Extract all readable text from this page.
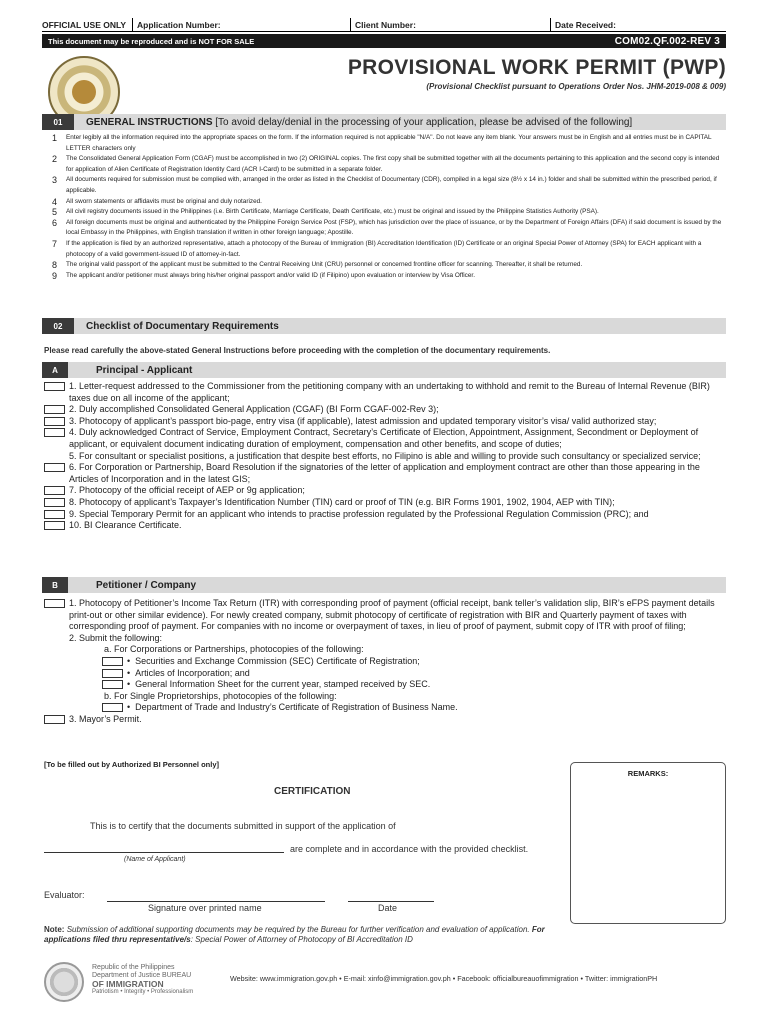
OFFICIAL USE ONLY	Application Number:	Client Number:	Date Received:
This document may be reproduced and is NOT FOR SALE	COM02.QF.002-REV 3
PROVISIONAL WORK PERMIT (PWP)
(Provisional Checklist pursuant to Operations Order Nos. JHM-2019-008 & 009)
01	GENERAL INSTRUCTIONS [To avoid delay/denial in the processing of your application, please be advised of the following]
1	Enter legibly all the information required into the appropriate spaces on the form. If the information required is not applicable "N/A". Do not leave any item blank. Your answers must be in English and all entries must be in CAPITAL LETTER characters only
2	The Consolidated General Application Form (CGAF) must be accomplished in two (2) ORIGINAL copies. The first copy shall be submitted together with all the documents pertaining to this application and the second copy is intended for application of Alien Certificate of Registration Identity Card (ACR I-Card) to be submitted in a separate folder.
3	All documents required for submission must be complied with, arranged in the order as listed in the Checklist of Documentary (CDR), compiled in a legal size (8½ x 14 in.) folder and shall be submitted within the prescribed period, if applicable.
4	All sworn statements or affidavits must be original and duly notarized.
5	All civil registry documents issued in the Philippines (i.e. Birth Certificate, Marriage Certificate, Death Certificate, etc.) must be original and issued by the Philippine Statistics Authority (PSA).
6	All foreign documents must be original and authenticated by the Philippine Foreign Service Post (FSP), which has jurisdiction over the place of issuance, or by the Department of Foreign Affairs (DFA) if said document is issued by the local Embassy in the Philippines, with English translation if written in other foreign language; Apostille.
7	If the application is filed by an authorized representative, attach a photocopy of the Bureau of Immigration (BI) Accreditation Identification (ID) Certificate or an original Special Power of Attorney (SPA) for EACH applicant with a photocopy of a valid government-issued ID of attorney-in-fact.
8	The original valid passport of the applicant must be submitted to the Central Receiving Unit (CRU) personnel or concerned frontline officer for scanning. Thereafter, it shall be returned.
9	The applicant and/or petitioner must always bring his/her original passport and/or valid ID (if Filipino) upon evaluation or interview by Visa Officer.
02	Checklist of Documentary Requirements
Please read carefully the above-stated General Instructions before proceeding with the completion of the documentary requirements.
A	Principal - Applicant
1. Letter-request addressed to the Commissioner from the petitioning company with an undertaking to withhold and remit to the Bureau of Internal Revenue (BIR) taxes due on all income of the applicant;
2. Duly accomplished Consolidated General Application (CGAF) (BI Form CGAF-002-Rev 3);
3. Photocopy of applicant’s passport bio-page, entry visa (if applicable), latest admission and updated temporary visitor’s visa/ valid authorized stay;
4. Duly acknowledged Contract of Service, Employment Contract, Secretary’s Certificate of Election, Appointment, Assignment, Secondment or Deployment of applicant, or equivalent document indicating duration of employment, compensation and other benefits, and scope of duties;
5. For consultant or specialist positions, a justification that despite best efforts, no Filipino is able and willing to provide such consultancy or specialized service;
6. For Corporation or Partnership, Board Resolution if the signatories of the letter of application and employment contract are other than those appearing in the Articles of Incorporation and in the latest GIS;
7. Photocopy of the official receipt of AEP or 9g application;
8. Photocopy of applicant’s Taxpayer’s Identification Number (TIN) card or proof of TIN (e.g. BIR Forms 1901, 1902, 1904, AEP with TIN);
9. Special Temporary Permit for an applicant who intends to practise profession regulated by the Professional Regulation Commission (PRC); and
10. BI Clearance Certificate.
B	Petitioner / Company
1. Photocopy of Petitioner’s Income Tax Return (ITR) with corresponding proof of payment (official receipt, bank teller’s validation slip, BIR’s eFPS payment details print-out or other similar evidence). For newly created company, submit photocopy of certificate of registration with BIR and Quarterly payment of taxes with corresponding proof of payment. For companies with no income or overpayment of taxes, in lieu of proof of payment, submit copy of ITR with proof of filing;
2. Submit the following:
a. For Corporations or Partnerships, photocopies of the following:
• Securities and Exchange Commission (SEC) Certificate of Registration;
• Articles of Incorporation; and
• General Information Sheet for the current year, stamped received by SEC.
b. For Single Proprietorships, photocopies of the following:
• Department of Trade and Industry’s Certificate of Registration of Business Name.
3. Mayor’s Permit.
[To be filled out by Authorized BI Personnel only]
REMARKS:
CERTIFICATION
This is to certify that the documents submitted in support of the application of
are complete and in accordance with the provided checklist.
(Name of Applicant)
Evaluator:
Signature over printed name	Date
Note: Submission of additional supporting documents may be required by the Bureau for further verification and evaluation of application. For applications filed thru representative/s: Special Power of Attorney of Photocopy of BI Accreditation ID
Republic of the Philippines
Department of Justice BUREAU
OF IMMIGRATION
Patriotism • Integrity • Professionalism
Website: www.immigration.gov.ph • E-mail: xinfo@immigration.gov.ph • Facebook: officialbureauofimmigration • Twitter: immigrationPH
